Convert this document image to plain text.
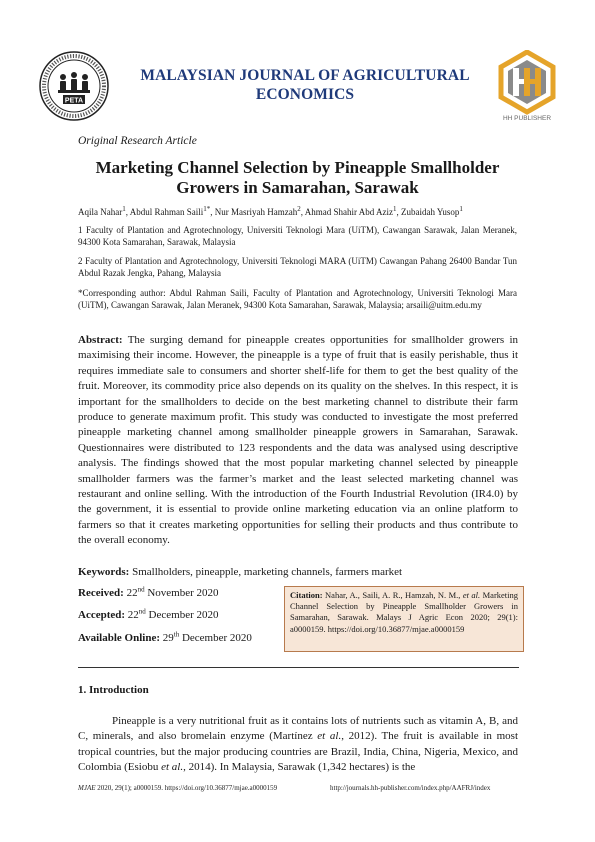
PETA
MALAYSIAN JOURNAL OF AGRICULTURAL
ECONOMICS
HH PUBLISHER
Original Research Article
Marketing Channel Selection by Pineapple Smallholder
Growers in Samarahan, Sarawak
Aqila Nahar$^1$, Abdul Rahman Saili$^{1*}$, Nur Masriyah Hamzah$^2$, Ahmad Shahir Abd Aziz$^1$, Zubaidah Yusop$^1$
1 Faculty of Plantation and Agrotechnology, Universiti Teknologi Mara (UiTM), Cawangan Sarawak, Jalan Meranek, 94300 Kota Samarahan, Sarawak, Malaysia
2 Faculty of Plantation and Agrotechnology, Universiti Teknologi MARA (UiTM) Cawangan Pahang 26400 Bandar Tun Abdul Razak Jengka, Pahang, Malaysia
*Corresponding author: Abdul Rahman Saili, Faculty of Plantation and Agrotechnology, Universiti Teknologi Mara (UiTM), Cawangan Sarawak, Jalan Meranek, 94300 Kota Samarahan, Sarawak, Malaysia; arsaili@uitm.edu.my

Abstract: The surging demand for pineapple creates opportunities for smallholder growers in maximising their income. However, the pineapple is a type of fruit that is easily perishable, thus it requires immediate sale to consumers and shorter shelf-life for them to get the best quality of the fruit. Moreover, its commodity price also depends on its quality on the shelves. In this respect, it is important for the smallholders to decide on the best marketing channel to distribute their farm produce to generate maximum profit. This study was conducted to investigate the most preferred pineapple marketing channel among smallholder pineapple growers in Samarahan, Sarawak. Questionnaires were distributed to 123 respondents and the data was analysed using descriptive analysis. The findings showed that the most popular marketing channel selected by pineapple smallholder farmers was the farmer’s market and the least selected marketing channel was restaurant and online selling. With the introduction of the Fourth Industrial Revolution (IR4.0) by the government, it is essential to provide online marketing education via an online platform to farmers so that it creates marketing opportunities for selling their products and thus contribute to the overall economy.

Keywords: Smallholders, pineapple, marketing channels, farmers market
Received: 22nd November 2020
Accepted: 22nd December 2020
Available Online: 29th December 2020
Citation: Nahar, A., Saili, A. R., Hamzah, N. M., et al. Marketing Channel Selection by Pineapple Smallholder Growers in Samarahan, Sarawak. Malays J Agric Econ 2020; 29(1): a0000159. https://doi.org/10.36877/mjae.a0000159
1. Introduction

Pineapple is a very nutritional fruit as it contains lots of nutrients such as vitamin A, B, and C, minerals, and also bromelain enzyme (Martínez et al., 2012). The fruit is available in most tropical countries, but the major producing countries are Brazil, India, China, Nigeria, Mexico, and Colombia (Esiobu et al., 2014). In Malaysia, Sarawak (1,342 hectares) is the

MJAE 2020, 29(1); a0000159. https://doi.org/10.36877/mjae.a0000159	http://journals.hh-publisher.com/index.php/AAFRJ/index
